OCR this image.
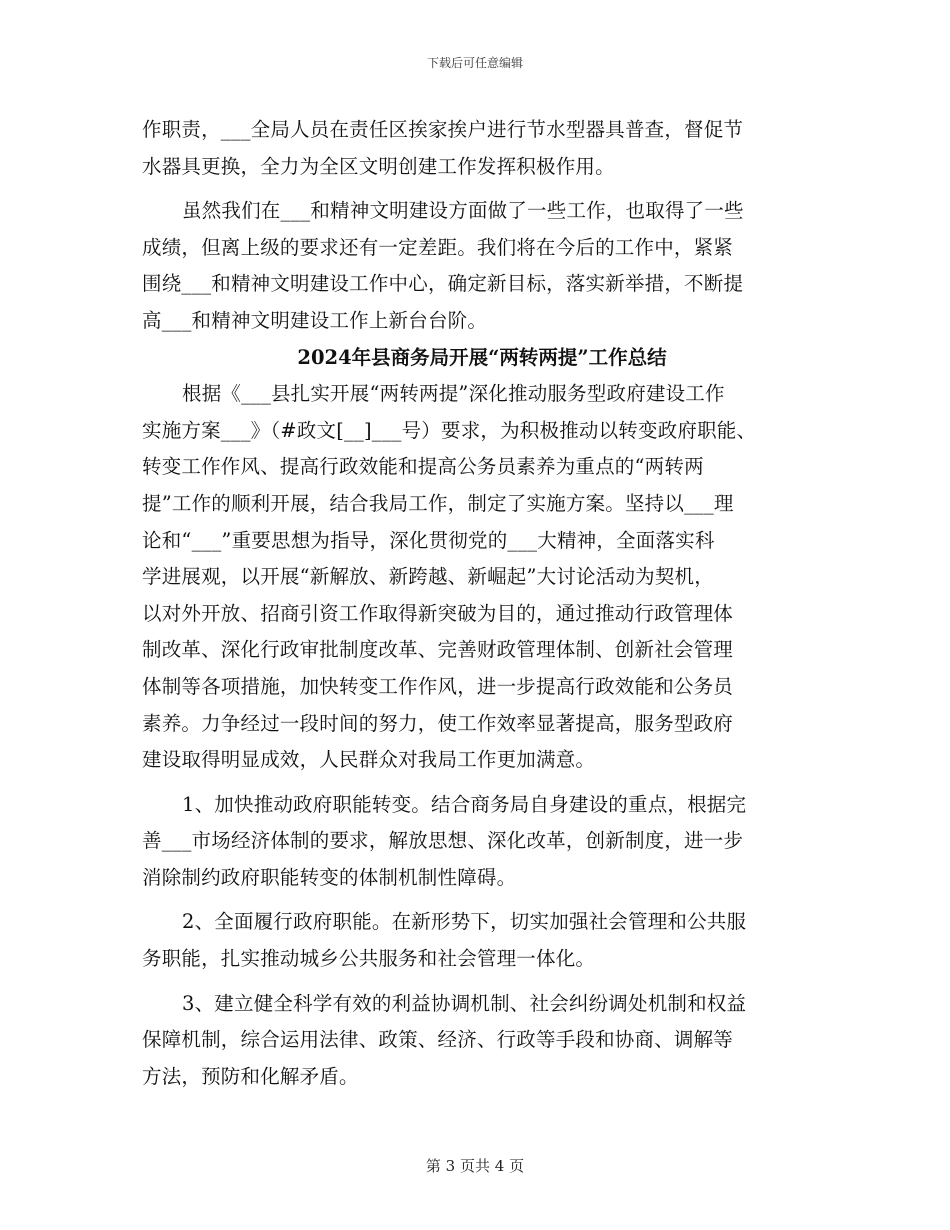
下载后可任意编辑
作职责，___全局人员在责任区挨家挨户进行节水型器具普查，督促节
水器具更换，全力为全区文明创建工作发挥积极作用。
虽然我们在___和精神文明建设方面做了一些工作，也取得了一些
成绩，但离上级的要求还有一定差距。我们将在今后的工作中，紧紧
围绕___和精神文明建设工作中心，确定新目标，落实新举措，不断提
高___和精神文明建设工作上新台台阶。
2024年县商务局开展“两转两提”工作总结
根据《___县扎实开展“两转两提”深化推动服务型政府建设工作
实施方案___》（#政文[__]___号）要求，为积极推动以转变政府职能、
转变工作作风、提高行政效能和提高公务员素养为重点的“两转两
提”工作的顺利开展，结合我局工作，制定了实施方案。坚持以___理
论和“___”重要思想为指导，深化贯彻党的___大精神，全面落实科
学进展观，以开展“新解放、新跨越、新崛起”大讨论活动为契机，
以对外开放、招商引资工作取得新突破为目的，通过推动行政管理体
制改革、深化行政审批制度改革、完善财政管理体制、创新社会管理
体制等各项措施，加快转变工作作风，进一步提高行政效能和公务员
素养。力争经过一段时间的努力，使工作效率显著提高，服务型政府
建设取得明显成效，人民群众对我局工作更加满意。
1、加快推动政府职能转变。结合商务局自身建设的重点，根据完
善___市场经济体制的要求，解放思想、深化改革，创新制度，进一步
消除制约政府职能转变的体制机制性障碍。
2、全面履行政府职能。在新形势下，切实加强社会管理和公共服
务职能，扎实推动城乡公共服务和社会管理一体化。
3、建立健全科学有效的利益协调机制、社会纠纷调处机制和权益
保障机制，综合运用法律、政策、经济、行政等手段和协商、调解等
方法，预防和化解矛盾。
第 3 页共 4 页
